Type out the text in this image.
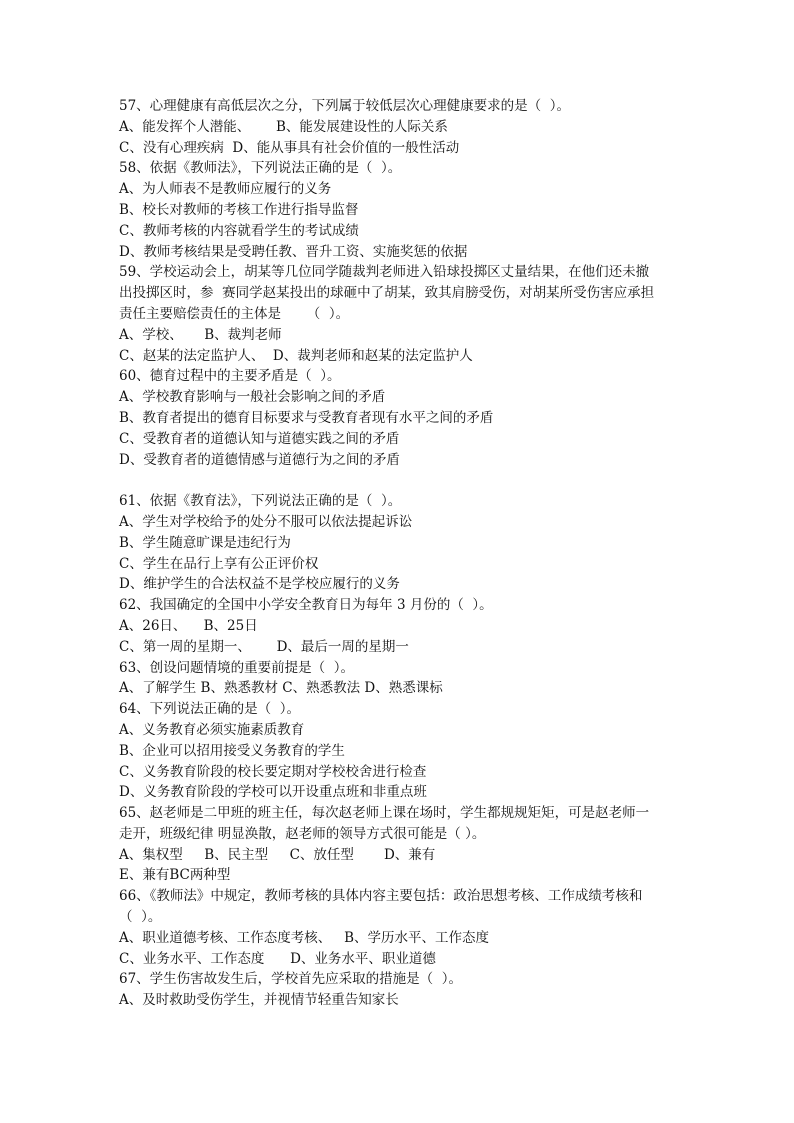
57、心理健康有高低层次之分，下列属于较低层次心理健康要求的是（  ）。
A、能发挥个人潜能、      B、能发展建设性的人际关系
C、没有心理疾病  D、能从事具有社会价值的一般性活动
58、依据《教师法》，下列说法正确的是（  ）。
A、为人师表不是教师应履行的义务
B、校长对教师的考核工作进行指导监督
C、教师考核的内容就看学生的考试成绩
D、教师考核结果是受聘任教、晋升工资、实施奖惩的依据
59、学校运动会上，胡某等几位同学随裁判老师进入铅球投掷区丈量结果，在他们还未撤
出投掷区时，参  赛同学赵某投出的球砸中了胡某，致其肩膀受伤，对胡某所受伤害应承担
责任主要赔偿责任的主体是      （  ）。
A、学校、     B、裁判老师
C、赵某的法定监护人、  D、裁判老师和赵某的法定监护人
60、德育过程中的主要矛盾是（  ）。
A、学校教育影响与一般社会影响之间的矛盾
B、教育者提出的德育目标要求与受教育者现有水平之间的矛盾
C、受教育者的道德认知与道德实践之间的矛盾
D、受教育者的道德情感与道德行为之间的矛盾
61、依据《教育法》，下列说法正确的是（  ）。
A、学生对学校给予的处分不服可以依法提起诉讼
B、学生随意旷课是违纪行为
C、学生在品行上享有公正评价权
D、维护学生的合法权益不是学校应履行的义务
62、我国确定的全国中小学安全教育日为每年 3 月份的（  ）。
A、26日、    B、25日
C、第一周的星期一、      D、最后一周的星期一
63、创设问题情境的重要前提是（  ）。
A、了解学生 B、熟悉教材 C、熟悉教法 D、熟悉课标
64、下列说法正确的是（  ）。
A、义务教育必须实施素质教育
B、企业可以招用接受义务教育的学生
C、义务教育阶段的校长要定期对学校校舍进行检查
D、义务教育阶段的学校可以开设重点班和非重点班
65、赵老师是二甲班的班主任，每次赵老师上课在场时，学生都规规矩矩，可是赵老师一
走开，班级纪律 明显涣散，赵老师的领导方式很可能是（ ）。
A、集权型     B、民主型     C、放任型       D、兼有
E、兼有BC两种型
66、《教师法》中规定，教师考核的具体内容主要包括：政治思想考核、工作成绩考核和
（  ）。
A、职业道德考核、工作态度考核、   B、学历水平、工作态度
C、业务水平、工作态度      D、业务水平、职业道德
67、学生伤害故发生后，学校首先应采取的措施是（  ）。
A、及时救助受伤学生，并视情节轻重告知家长
